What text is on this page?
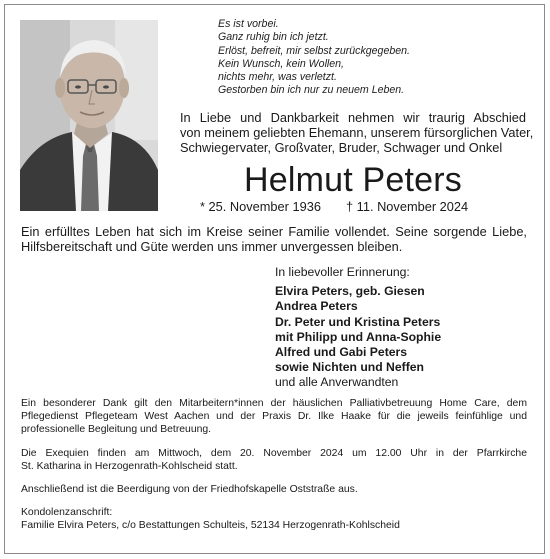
Es ist vorbei.
Ganz ruhig bin ich jetzt.
Erlöst, befreit, mir selbst zurückgegeben.
Kein Wunsch, kein Wollen,
nichts mehr, was verletzt.
Gestorben bin ich nur zu neuem Leben.
In Liebe und Dankbarkeit nehmen wir traurig Abschied
von meinem geliebten Ehemann, unserem fürsorglichen Vater,
Schwiegervater, Großvater, Bruder, Schwager und Onkel
Helmut Peters
* 25. November 1936 † 11. November 2024
Ein erfülltes Leben hat sich im Kreise seiner Familie vollendet. Seine sorgende Liebe,
Hilfsbereitschaft und Güte werden uns immer unvergessen bleiben.
In liebevoller Erinnerung:
Elvira Peters, geb. Giesen
Andrea Peters
Dr. Peter und Kristina Peters
mit Philipp und Anna-Sophie
Alfred und Gabi Peters
sowie Nichten und Neffen
und alle Anverwandten

Ein besonderer Dank gilt den Mitarbeitern*innen der häuslichen Palliativbetreuung Home Care, dem
Pflegedienst Pflegeteam West Aachen und der Praxis Dr. Ilke Haake für die jeweils feinfühlige und
professionelle Begleitung und Betreuung.

Die Exequien finden am Mittwoch, dem 20. November 2024 um 12.00 Uhr in der Pfarrkirche
St. Katharina in Herzogenrath-Kohlscheid statt.

Anschließend ist die Beerdigung von der Friedhofskapelle Oststraße aus.

Kondolenzanschrift:
Familie Elvira Peters, c/o Bestattungen Schulteis, 52134 Herzogenrath-Kohlscheid
